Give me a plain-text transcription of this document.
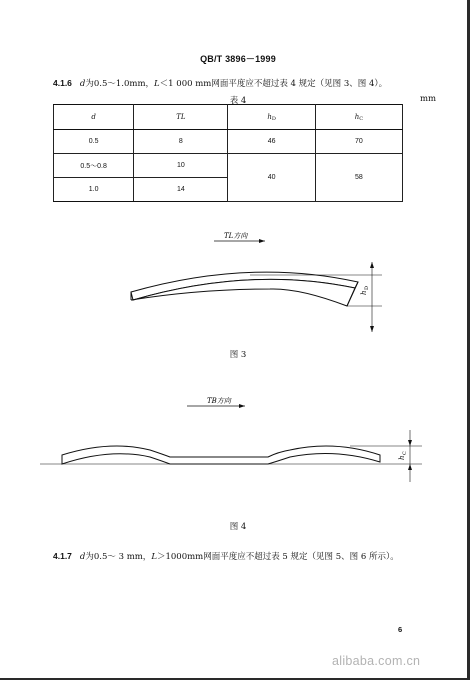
QB/T 3896－1999
4.1.6 d为0.5～1.0mm，L＜1 000 mm网面平度应不超过表 4 规定（见图 3、图 4）。
表 4	mm
d	TL	$h_D$	$h_C$
0.5	8	46	70
0.5～0.8	10	40	58
1.0	14		
TL方向
h
D
图 3
TB方向
h
C
图 4
4.1.7 d为0.5～ 3 mm，L＞1000mm网面平度应不超过表 5 规定（见图 5、图 6 所示）。
6
alibaba.com.cn
